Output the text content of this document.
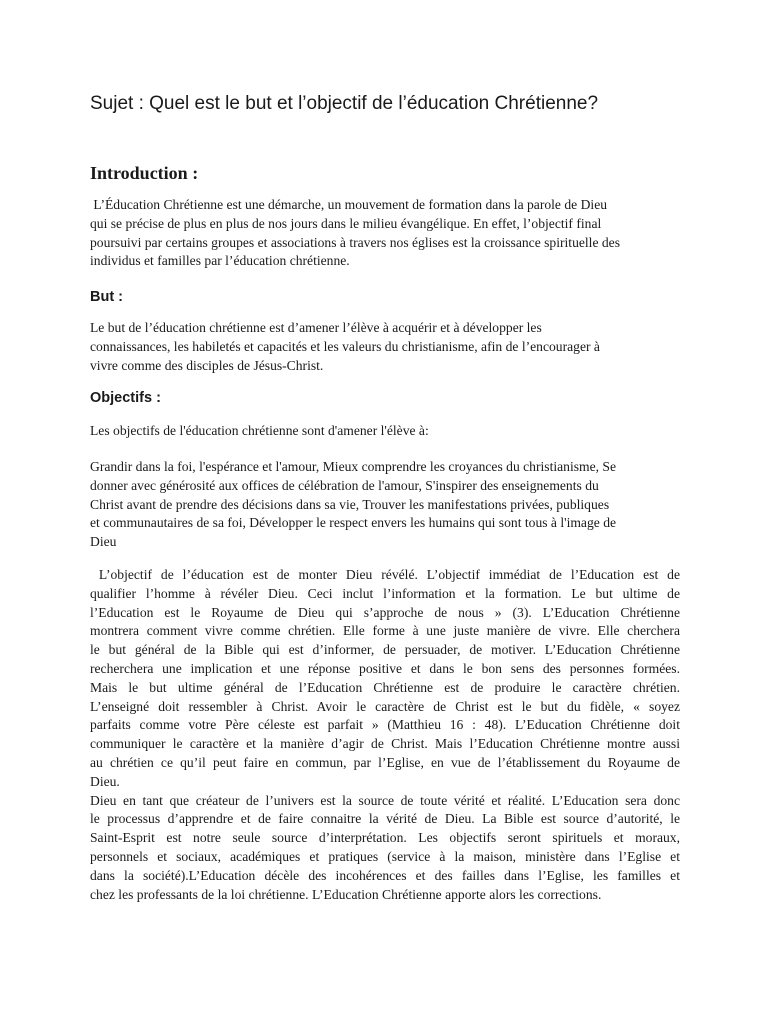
Sujet : Quel est le but et l’objectif de l’éducation Chrétienne?
Introduction :
L’Éducation Chrétienne est une démarche, un mouvement de formation dans la parole de Dieu
qui se précise de plus en plus de nos jours dans le milieu évangélique. En effet, l’objectif final
poursuivi par certains groupes et associations à travers nos églises est la croissance spirituelle des
individus et familles par l’éducation chrétienne.
But :
Le but de l’éducation chrétienne est d’amener l’élève à acquérir et à développer les
connaissances, les habiletés et capacités et les valeurs du christianisme, afin de l’encourager à
vivre comme des disciples de Jésus-Christ.
Objectifs :
Les objectifs de l'éducation chrétienne sont d'amener l'élève à:
Grandir dans la foi, l'espérance et l'amour, Mieux comprendre les croyances du christianisme, Se
donner avec générosité aux offices de célébration de l'amour, S'inspirer des enseignements du
Christ avant de prendre des décisions dans sa vie, Trouver les manifestations privées, publiques
et communautaires de sa foi, Développer le respect envers les humains qui sont tous à l'image de
Dieu
L’objectif de l’éducation est de monter Dieu révélé. L’objectif immédiat de l’Education est de
qualifier l’homme à révéler Dieu. Ceci inclut l’information et la formation. Le but ultime de
l’Education est le Royaume de Dieu qui s’approche de nous » (3). L’Education Chrétienne
montrera comment vivre comme chrétien. Elle forme à une juste manière de vivre. Elle cherchera
le but général de la Bible qui est d’informer, de persuader, de motiver. L’Education Chrétienne
recherchera une implication et une réponse positive et dans le bon sens des personnes formées.
Mais le but ultime général de l’Education Chrétienne est de produire le caractère chrétien.
L’enseigné doit ressembler à Christ. Avoir le caractère de Christ est le but du fidèle, « soyez
parfaits comme votre Père céleste est parfait » (Matthieu 16 : 48). L’Education Chrétienne doit
communiquer le caractère et la manière d’agir de Christ. Mais l’Education Chrétienne montre aussi
au chrétien ce qu’il peut faire en commun, par l’Eglise, en vue de l’établissement du Royaume de
Dieu.
Dieu en tant que créateur de l’univers est la source de toute vérité et réalité. L’Education sera donc
le processus d’apprendre et de faire connaitre la vérité de Dieu. La Bible est source d’autorité, le
Saint-Esprit est notre seule source d’interprétation. Les objectifs seront spirituels et moraux,
personnels et sociaux, académiques et pratiques (service à la maison, ministère dans l’Eglise et
dans la société).L’Education décèle des incohérences et des failles dans l’Eglise, les familles et
chez les professants de la loi chrétienne. L’Education Chrétienne apporte alors les corrections.
